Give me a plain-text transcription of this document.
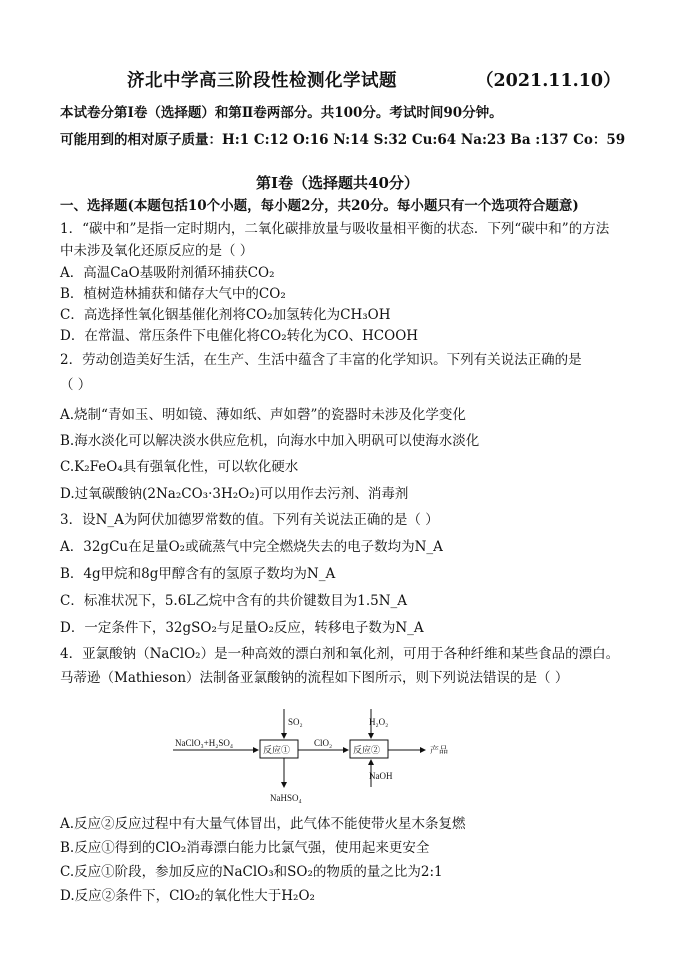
济北中学高三阶段性检测化学试题	（2021.11.10）
本试卷分第Ⅰ卷（选择题）和第Ⅱ卷两部分。共100分。考试时间90分钟。
可能用到的相对原子质量：H:1 C:12 O:16 N:14 S:32 Cu:64 Na:23 Ba :137 Co：59
第Ⅰ卷（选择题共40分）
一、选择题(本题包括10个小题，每小题2分，共20分。每小题只有一个选项符合题意)
1．“碳中和”是指一定时期内，二氧化碳排放量与吸收量相平衡的状态．下列“碳中和”的方法
中未涉及氧化还原反应的是（ ）
A．高温CaO基吸附剂循环捕获CO₂
B．植树造林捕获和储存大气中的CO₂
C．高选择性氧化铟基催化剂将CO₂加氢转化为CH₃OH
D．在常温、常压条件下电催化将CO₂转化为CO、HCOOH
2．劳动创造美好生活，在生产、生活中蕴含了丰富的化学知识。下列有关说法正确的是
（ ）
A.烧制“青如玉、明如镜、薄如纸、声如磬”的瓷器时未涉及化学变化
B.海水淡化可以解决淡水供应危机，向海水中加入明矾可以使海水淡化
C.K₂FeO₄具有强氧化性，可以软化硬水
D.过氧碳酸钠(2Na₂CO₃·3H₂O₂)可以用作去污剂、消毒剂
3．设N_A为阿伏加德罗常数的值。下列有关说法正确的是（ ）
A．32gCu在足量O₂或硫蒸气中完全燃烧失去的电子数均为N_A
B．4g甲烷和8g甲醇含有的氢原子数均为N_A
C．标准状况下，5.6L乙烷中含有的共价键数目为1.5N_A
D．一定条件下，32gSO₂与足量O₂反应，转移电子数为N_A
4．亚氯酸钠（NaClO₂）是一种高效的漂白剂和氧化剂，可用于各种纤维和某些食品的漂白。
马蒂逊（Mathieson）法制备亚氯酸钠的流程如下图所示，则下列说法错误的是（ ）
NaClO₃+H₂SO₄
反应①
SO₂
NaHSO₄
ClO₂
反应②
H₂O₂
NaOH
产品
A.反应②反应过程中有大量气体冒出，此气体不能使带火星木条复燃
B.反应①得到的ClO₂消毒漂白能力比氯气强，使用起来更安全
C.反应①阶段，参加反应的NaClO₃和SO₂的物质的量之比为2:1
D.反应②条件下，ClO₂的氧化性大于H₂O₂
